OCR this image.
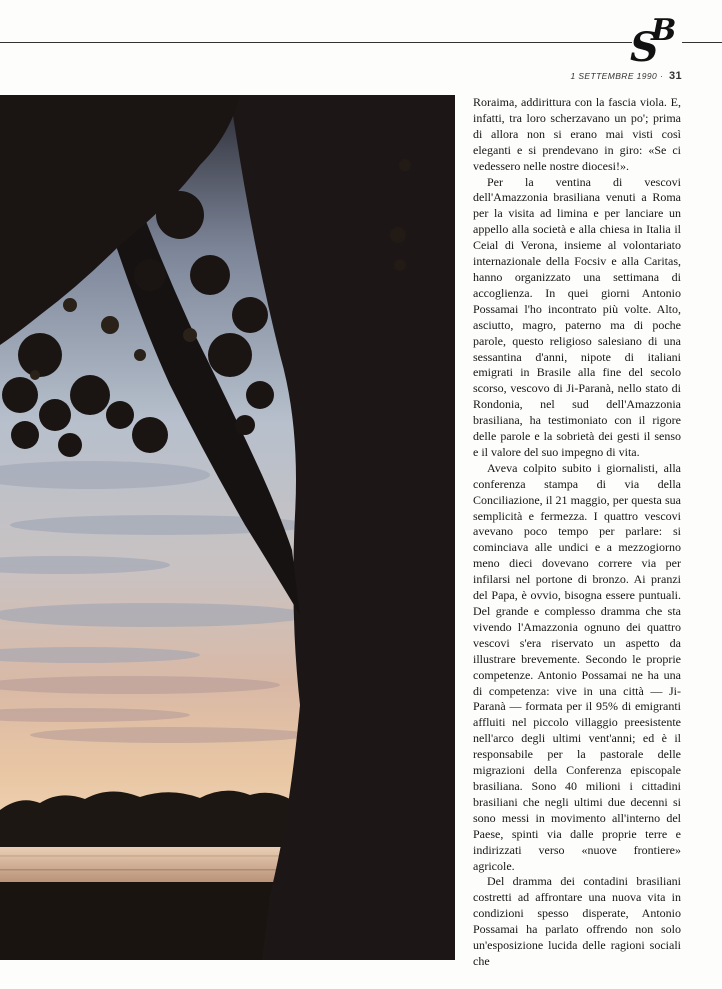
S
B
1 SETTEMBRE 1990 · 31

Roraima, addirittura con la fascia viola. E, infatti, tra loro scherzavano un po'; prima di allora non si erano mai visti così eleganti e si prendevano in giro: «Se ci vedessero nelle nostre diocesi!».

Per la ventina di vescovi dell'Amazzonia brasiliana venuti a Roma per la visita ad limina e per lanciare un appello alla società e alla chiesa in Italia il Ceial di Verona, insieme al volontariato internazionale della Focsiv e alla Caritas, hanno organizzato una settimana di accoglienza. In quei giorni Antonio Possamai l'ho incontrato più volte. Alto, asciutto, magro, paterno ma di poche parole, questo religioso salesiano di una sessantina d'anni, nipote di italiani emigrati in Brasile alla fine del secolo scorso, vescovo di Ji-Paranà, nello stato di Rondonia, nel sud dell'Amazzonia brasiliana, ha testimoniato con il rigore delle parole e la sobrietà dei gesti il senso e il valore del suo impegno di vita.

Aveva colpito subito i giornalisti, alla conferenza stampa di via della Conciliazione, il 21 maggio, per questa sua semplicità e fermezza. I quattro vescovi avevano poco tempo per parlare: si cominciava alle undici e a mezzogiorno meno dieci dovevano correre via per infilarsi nel portone di bronzo. Ai pranzi del Papa, è ovvio, bisogna essere puntuali. Del grande e complesso dramma che sta vivendo l'Amazzonia ognuno dei quattro vescovi s'era riservato un aspetto da illustrare brevemente. Secondo le proprie competenze. Antonio Possamai ne ha una di competenza: vive in una città — Ji-Paranà — formata per il 95% di emigranti affluiti nel piccolo villaggio preesistente nell'arco degli ultimi vent'anni; ed è il responsabile per la pastorale delle migrazioni della Conferenza episcopale brasiliana. Sono 40 milioni i cittadini brasiliani che negli ultimi due decenni si sono messi in movimento all'interno del Paese, spinti via dalle proprie terre e indirizzati verso «nuove frontiere» agricole.

Del dramma dei contadini brasiliani costretti ad affrontare una nuova vita in condizioni spesso disperate, Antonio Possamai ha parlato offrendo non solo un'esposizione lucida delle ragioni sociali che
